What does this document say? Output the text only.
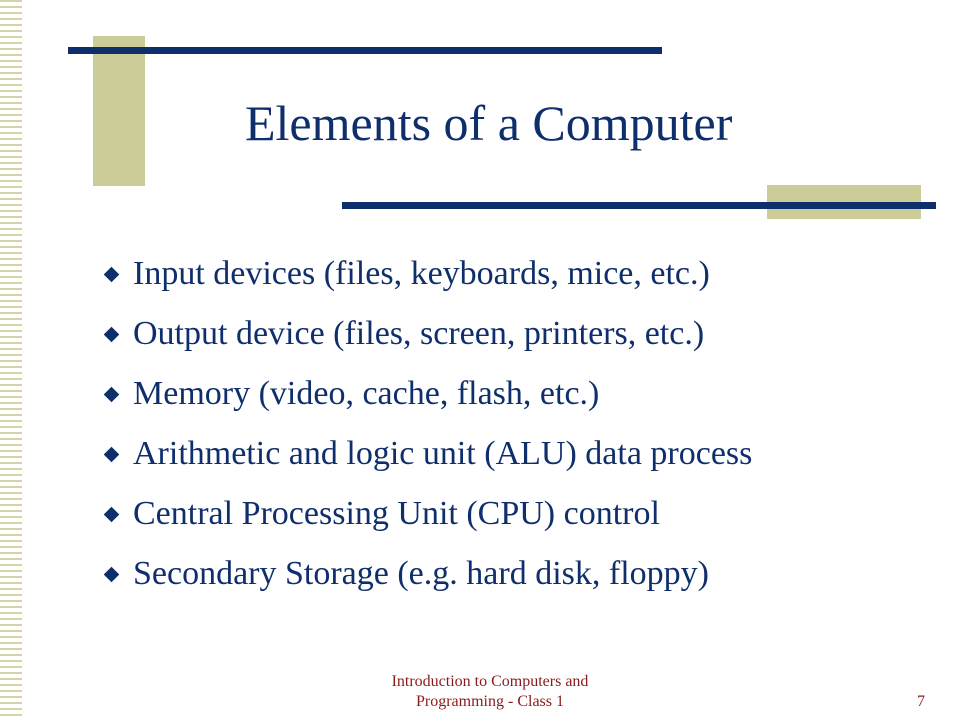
Elements of a Computer
Input devices (files, keyboards, mice, etc.)
Output device (files, screen, printers, etc.)
Memory (video, cache, flash, etc.)
Arithmetic and logic unit (ALU) data process
Central Processing Unit (CPU) control
Secondary Storage (e.g. hard disk, floppy)
Introduction to Computers and
Programming - Class 1	7
